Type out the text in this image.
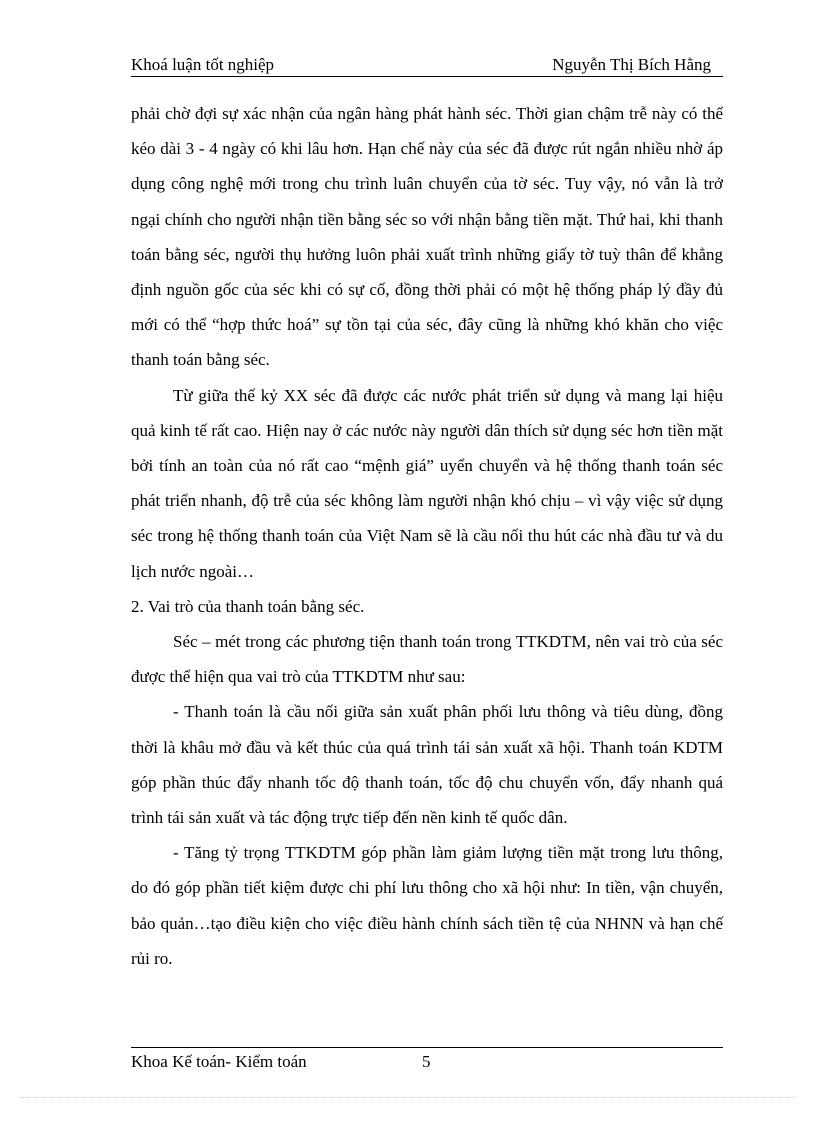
Khoá luận tốt nghiệp	Nguyễn Thị Bích Hằng

phải chờ đợi sự xác nhận của ngân hàng phát hành séc. Thời gian chậm trễ này có thể kéo dài 3 - 4 ngày có khi lâu hơn. Hạn chế này của séc đã được rút ngắn nhiều nhờ áp dụng công nghệ mới trong chu trình luân chuyển của tờ séc. Tuy vậy, nó vẫn là trở ngại chính cho người nhận tiền bằng séc so với nhận bằng tiền mặt. Thứ hai, khi thanh toán bằng séc, người thụ hưởng luôn phải xuất trình những giấy tờ tuỳ thân để khẳng định nguồn gốc của séc khi có sự cố, đồng thời phải có một hệ thống pháp lý đầy đủ mới có thể “hợp thức hoá” sự tồn tại của séc, đây cũng là những khó khăn cho việc thanh toán bằng séc.

Từ giữa thế kỷ XX séc đã được các nước phát triển sử dụng và mang lại hiệu quả kinh tế rất cao. Hiện nay ở các nước này người dân thích sử dụng séc hơn tiền mặt bởi tính an toàn của nó rất cao “mệnh giá” uyển chuyển và hệ thống thanh toán séc phát triển nhanh, độ trễ của séc không làm người nhận khó chịu – vì vậy việc sử dụng séc trong hệ thống thanh toán của Việt Nam sẽ là cầu nối thu hút các nhà đầu tư và du lịch nước ngoài…

2. Vai trò của thanh toán bằng séc.

Séc – mét trong các phương tiện thanh toán trong TTKDTM, nên vai trò của séc được thể hiện qua vai trò của TTKDTM như sau:

- Thanh toán là cầu nối giữa sản xuất phân phối lưu thông và tiêu dùng, đồng thời là khâu mở đầu và kết thúc của quá trình tái sản xuất xã hội. Thanh toán KDTM góp phần thúc đẩy nhanh tốc độ thanh toán, tốc độ chu chuyển vốn, đẩy nhanh quá trình tái sản xuất và tác động trực tiếp đến nền kinh tế quốc dân.

- Tăng tỷ trọng TTKDTM góp phần làm giảm lượng tiền mặt trong lưu thông, do đó góp phần tiết kiệm được chi phí lưu thông cho xã hội như: In tiền, vận chuyển, bảo quản…tạo điều kiện cho việc điều hành chính sách tiền tệ của NHNN và hạn chế rủi ro.

Khoa Kế toán- Kiểm toán	5
